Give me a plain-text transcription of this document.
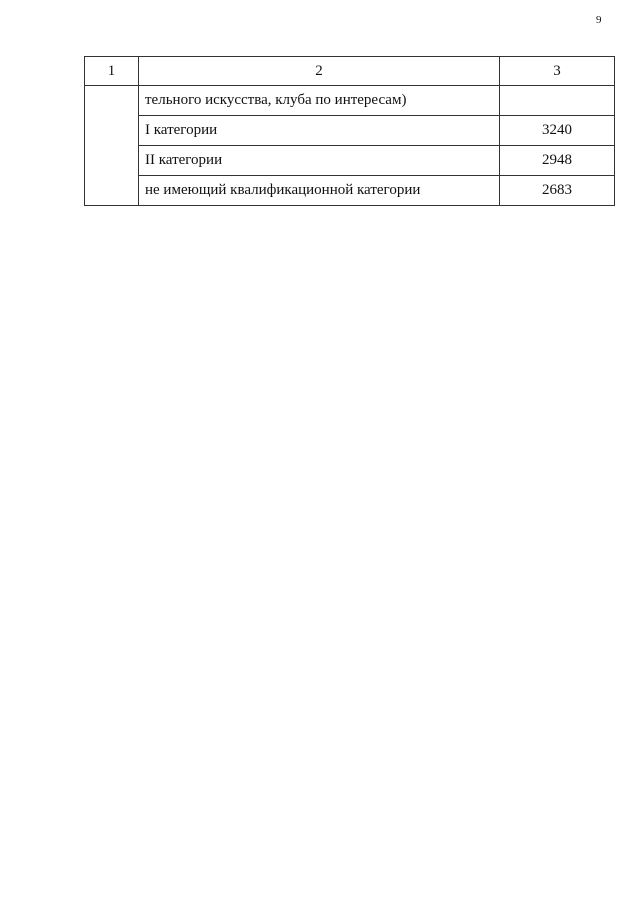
9
1	2	3
	тельного искусства, клуба по интересам)	
	I категории	3240
	II категории	2948
	не имеющий квалификационной категории	2683
